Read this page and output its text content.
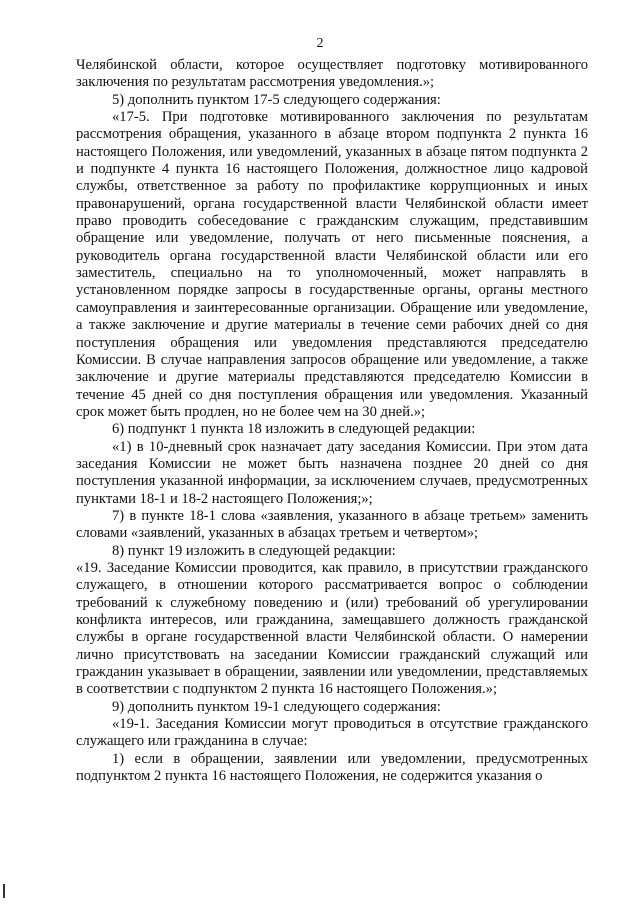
2

Челябинской области, которое осуществляет подготовку мотивированного заключения по результатам рассмотрения уведомления.»;

5) дополнить пунктом 17-5 следующего содержания:

«17-5. При подготовке мотивированного заключения по результатам рассмотрения обращения, указанного в абзаце втором подпункта 2 пункта 16 настоящего Положения, или уведомлений, указанных в абзаце пятом подпункта 2 и подпункте 4 пункта 16 настоящего Положения, должностное лицо кадровой службы, ответственное за работу по профилактике коррупционных и иных правонарушений, органа государственной власти Челябинской области имеет право проводить собеседование с гражданским служащим, представившим обращение или уведомление, получать от него письменные пояснения, а руководитель органа государственной власти Челябинской области или его заместитель, специально на то уполномоченный, может направлять в установленном порядке запросы в государственные органы, органы местного самоуправления и заинтересованные организации. Обращение или уведомление, а также заключение и другие материалы в течение семи рабочих дней со дня поступления обращения или уведомления представляются председателю Комиссии. В случае направления запросов обращение или уведомление, а также заключение и другие материалы представляются председателю Комиссии в течение 45 дней со дня поступления обращения или уведомления. Указанный срок может быть продлен, но не более чем на 30 дней.»;

6) подпункт 1 пункта 18 изложить в следующей редакции:

«1) в 10-дневный срок назначает дату заседания Комиссии. При этом дата заседания Комиссии не может быть назначена позднее 20 дней со дня поступления указанной информации, за исключением случаев, предусмотренных пунктами 18-1 и 18-2 настоящего Положения;»;

7) в пункте 18-1 слова «заявления, указанного в абзаце третьем» заменить словами «заявлений, указанных в абзацах третьем и четвертом»;

8) пункт 19 изложить в следующей редакции:

«19. Заседание Комиссии проводится, как правило, в присутствии гражданского служащего, в отношении которого рассматривается вопрос о соблюдении требований к служебному поведению и (или) требований об урегулировании конфликта интересов, или гражданина, замещавшего должность гражданской службы в органе государственной власти Челябинской области. О намерении лично присутствовать на заседании Комиссии гражданский служащий или гражданин указывает в обращении, заявлении или уведомлении, представляемых в соответствии с подпунктом 2 пункта 16 настоящего Положения.»;

9) дополнить пунктом 19-1 следующего содержания:

«19-1. Заседания Комиссии могут проводиться в отсутствие гражданского служащего или гражданина в случае:

1) если в обращении, заявлении или уведомлении, предусмотренных подпунктом 2 пункта 16 настоящего Положения, не содержится указания о
